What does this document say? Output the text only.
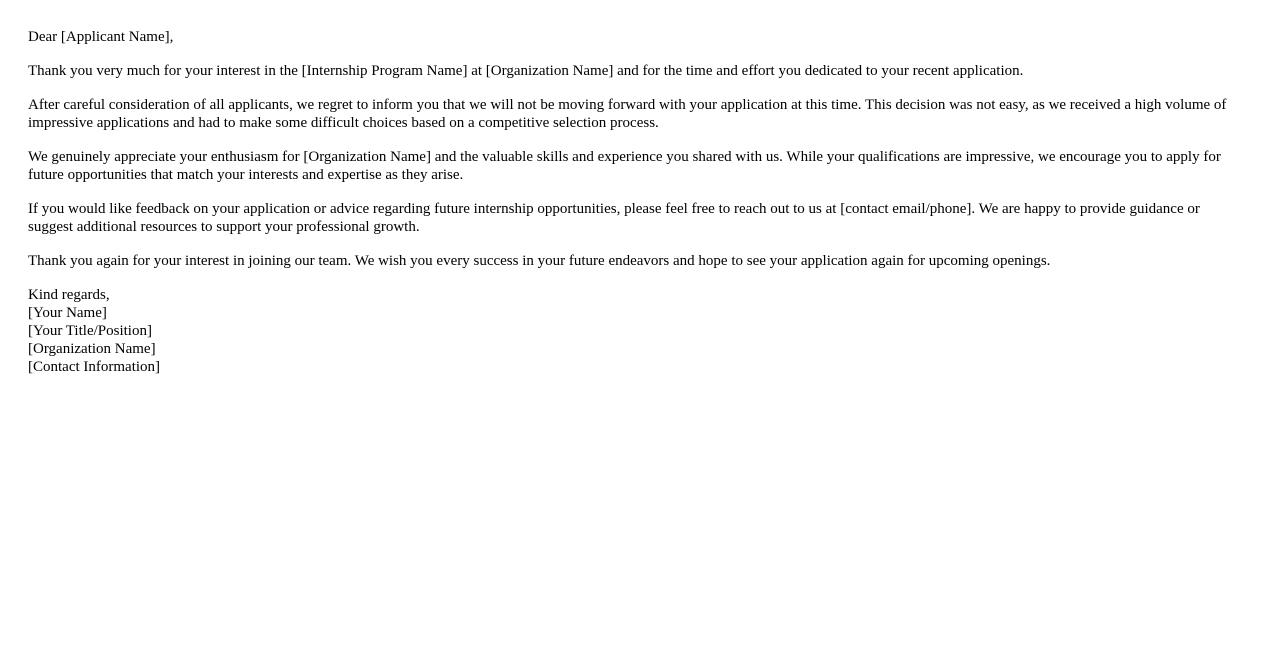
Dear [Applicant Name],

Thank you very much for your interest in the [Internship Program Name] at [Organization Name] and for the time and effort you dedicated to your recent application.

After careful consideration of all applicants, we regret to inform you that we will not be moving forward with your application at this time. This decision was not easy, as we received a high volume of impressive applications and had to make some difficult choices based on a competitive selection process.

We genuinely appreciate your enthusiasm for [Organization Name] and the valuable skills and experience you shared with us. While your qualifications are impressive, we encourage you to apply for future opportunities that match your interests and expertise as they arise.

If you would like feedback on your application or advice regarding future internship opportunities, please feel free to reach out to us at [contact email/phone]. We are happy to provide guidance or suggest additional resources to support your professional growth.

Thank you again for your interest in joining our team. We wish you every success in your future endeavors and hope to see your application again for upcoming openings.

Kind regards,
[Your Name]
[Your Title/Position]
[Organization Name]
[Contact Information]
